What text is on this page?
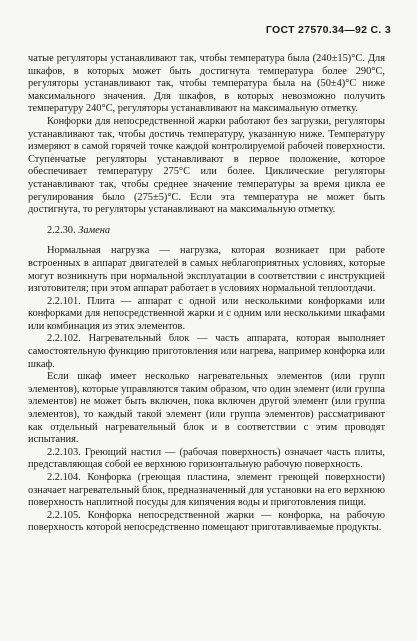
ГОСТ 27570.34—92 С. 3

чатые регуляторы устанавливают так, чтобы температура была (240±15)°С. Для шкафов, в которых может быть достигнута температура более 290°С, регуляторы устанавливают так, чтобы температура была на (50±4)°С ниже максимального значения. Для шкафов, в которых невозможно получить температуру 240°С, регуляторы устанавливают на максимальную отметку.

Конфорки для непосредственной жарки работают без загрузки, регуляторы устанавливают так, чтобы достичь температуру, указанную ниже. Температуру измеряют в самой горячей точке каждой контролируемой рабочей поверхности. Ступенчатые регуляторы устанавливают в первое положение, которое обеспечивает температуру 275°С или более. Циклические регуляторы устанавливают так, чтобы среднее значение температуры за время цикла ее регулирования было (275±5)°С. Если эта температура не может быть достигнута, то регуляторы устанавливают на максимальную отметку.

2.2.30. Замена

Нормальная нагрузка — нагрузка, которая возникает при работе встроенных в аппарат двигателей в самых неблагоприятных условиях, которые могут возникнуть при нормальной эксплуатации в соответствии с инструкцией изготовителя; при этом аппарат работает в условиях нормальной теплоотдачи.

2.2.101. Плита — аппарат с одной или несколькими конфорками или конфорками для непосредственной жарки и с одним или несколькими шкафами или комбинация из этих элементов.

2.2.102. Нагревательный блок — часть аппарата, которая выполняет самостоятельную функцию приготовления или нагрева, например конфорка или шкаф.

Если шкаф имеет несколько нагревательных элементов (или групп элементов), которые управляются таким образом, что один элемент (или группа элементов) не может быть включен, пока включен другой элемент (или группа элементов), то каждый такой элемент (или группа элементов) рассматривают как отдельный нагревательный блок и в соответствии с этим проводят испытания.

2.2.103. Греющий настил — (рабочая поверхность) означает часть плиты, представляющая собой ее верхнюю горизонтальную рабочую поверхность.

2.2.104. Конфорка (греющая пластина, элемент греющей поверхности) означает нагревательный блок, предназначенный для установки на его верхнюю поверхность наплитной посуды для кипячения воды и приготовления пищи.

2.2.105. Конфорка непосредственной жарки — конфорка, на рабочую поверхность которой непосредственно помещают приготавливаемые продукты.
